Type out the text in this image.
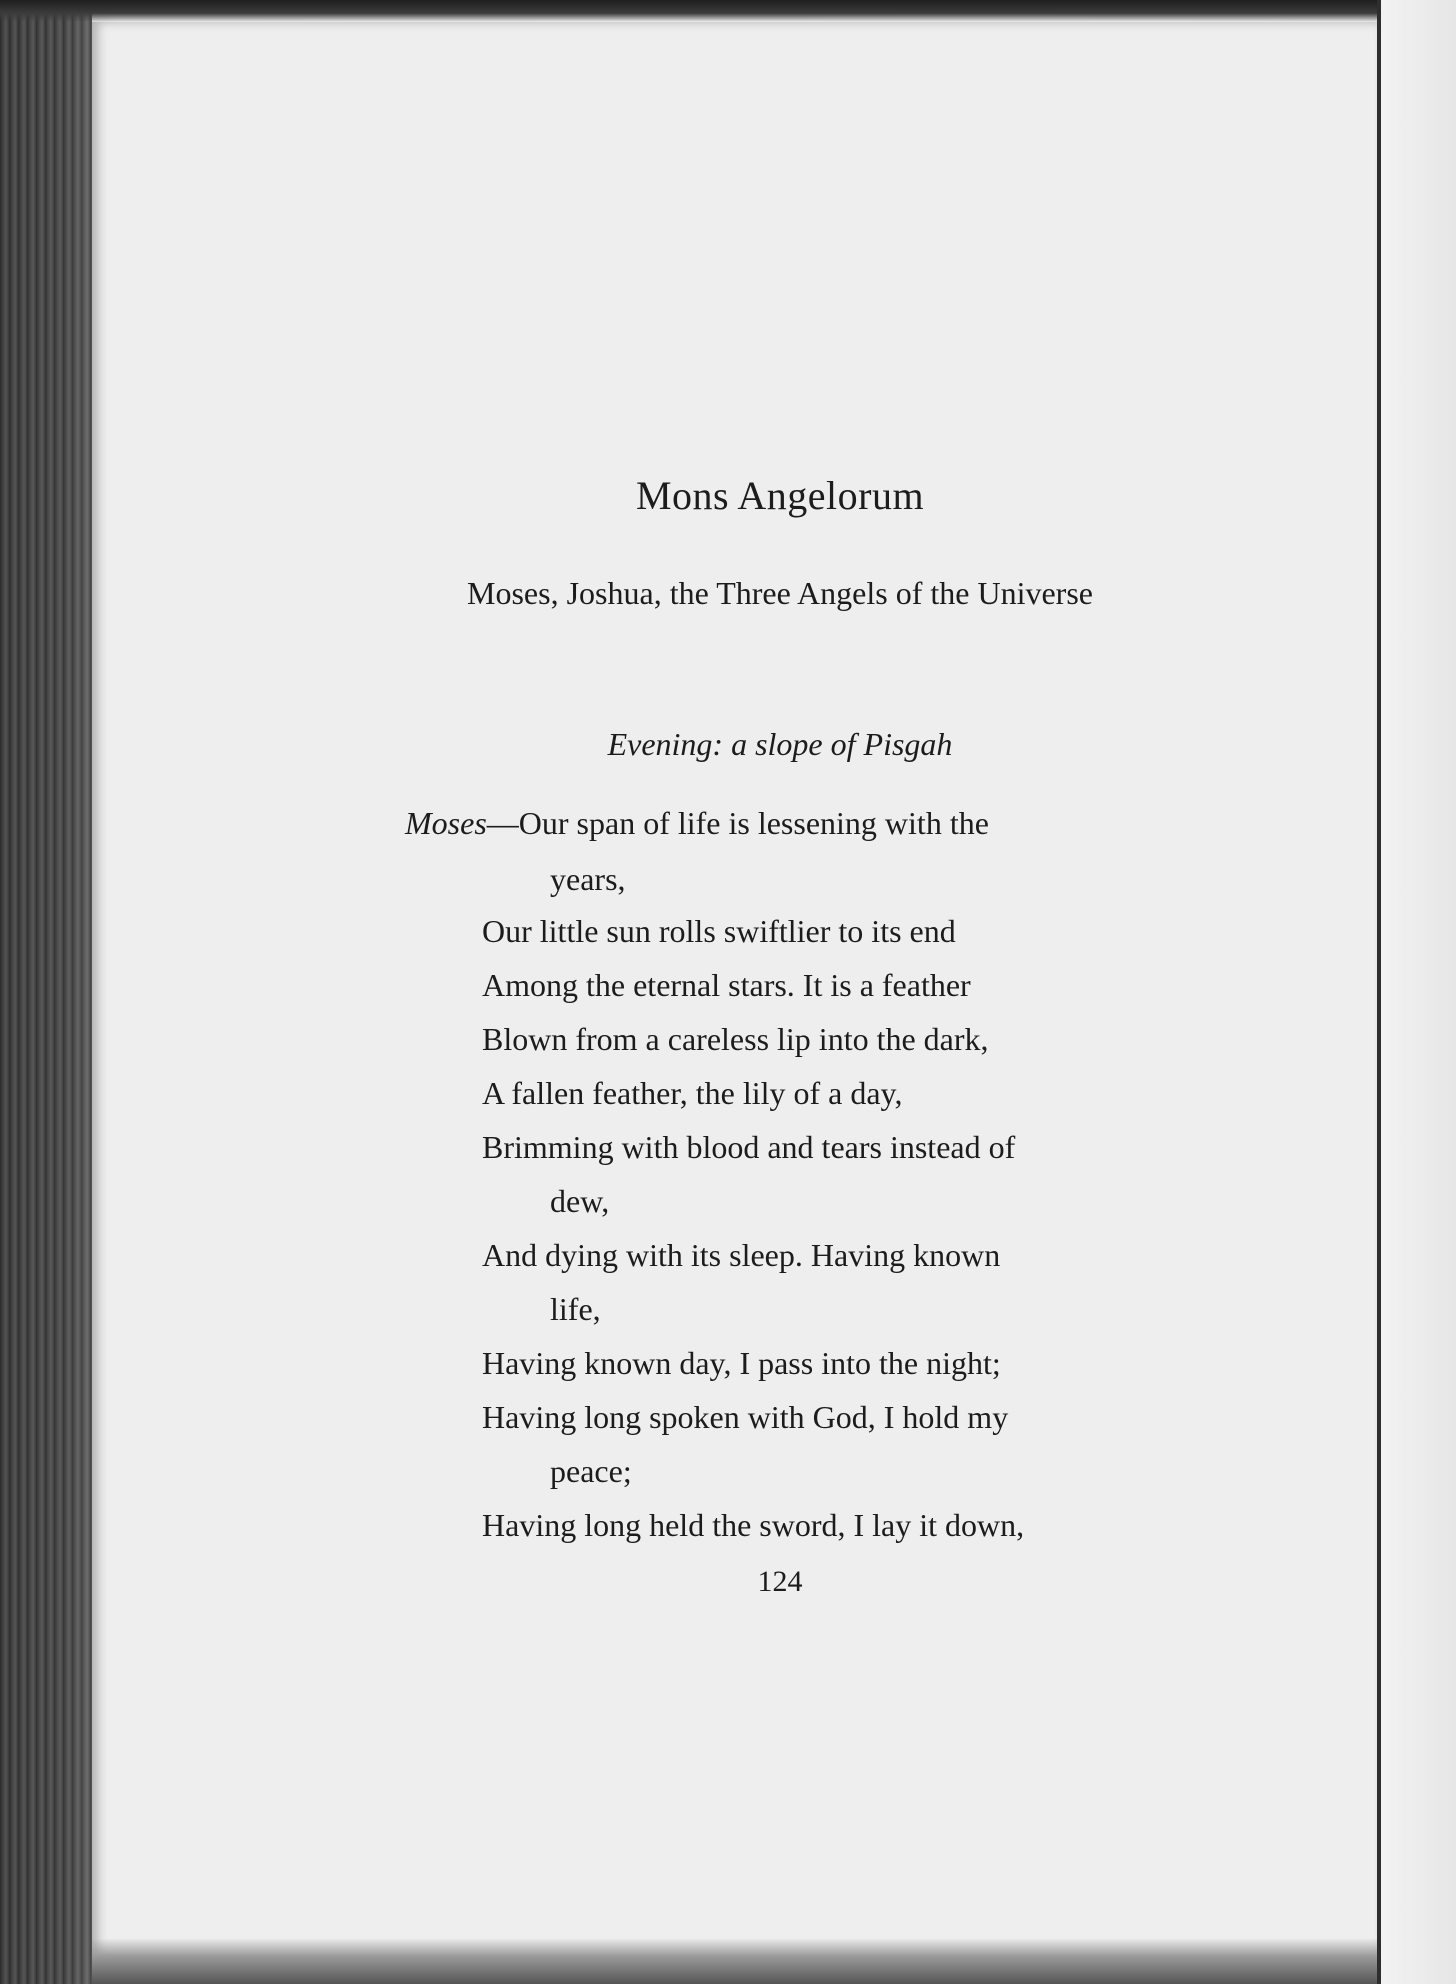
Mons Angelorum
Moses, Joshua, the Three Angels of the Universe
Evening: a slope of Pisgah
Moses—Our span of life is lessening with the
years,
Our little sun rolls swiftlier to its end
Among the eternal stars. It is a feather
Blown from a careless lip into the dark,
A fallen feather, the lily of a day,
Brimming with blood and tears instead of
dew,
And dying with its sleep. Having known
life,
Having known day, I pass into the night;
Having long spoken with God, I hold my
peace;
Having long held the sword, I lay it down,
124
